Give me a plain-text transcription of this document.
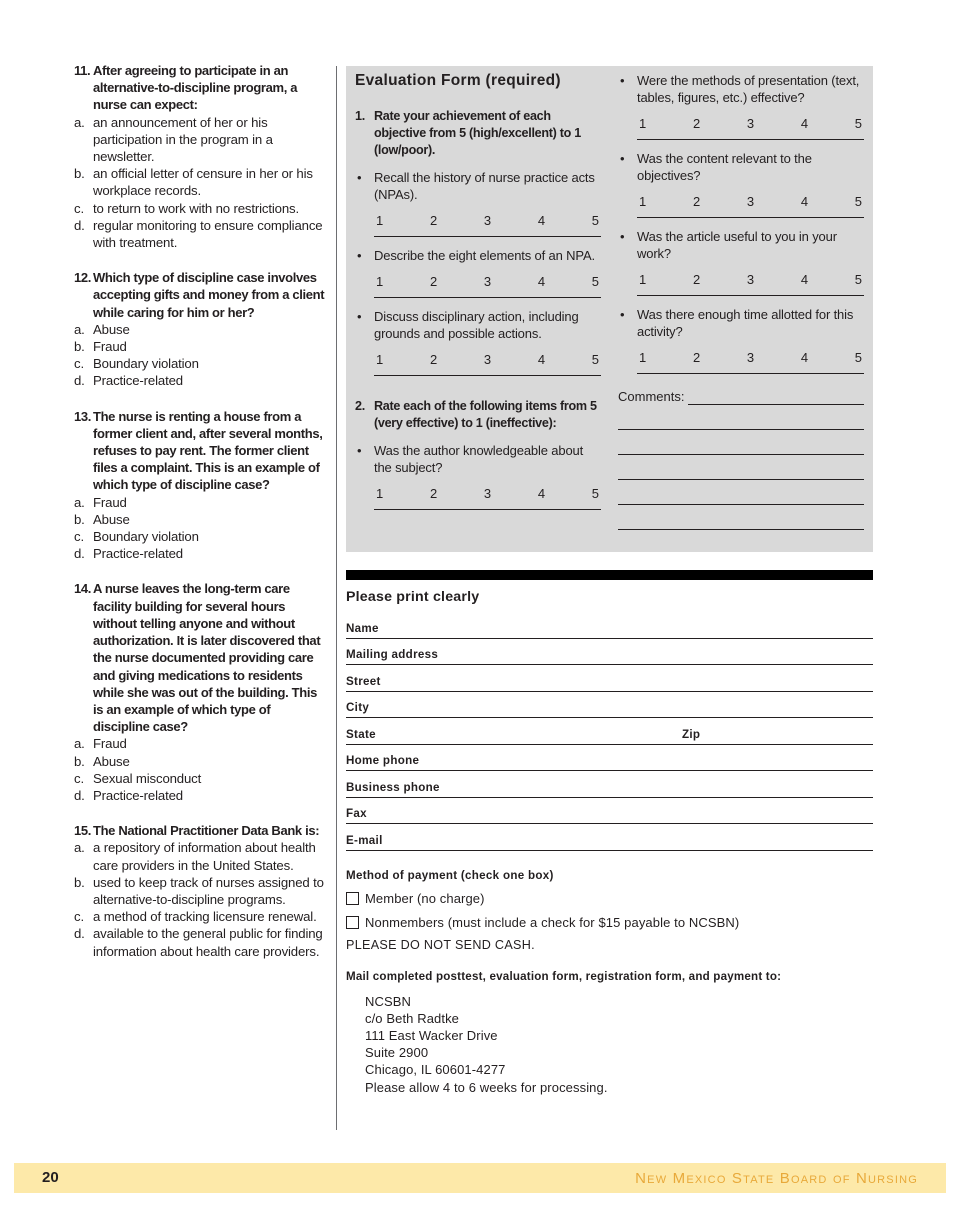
11. After agreeing to participate in an alternative-to-discipline program, a nurse can expect:
a. an announcement of her or his participation in the program in a newsletter.
b. an official letter of censure in her or his workplace records.
c. to return to work with no restrictions.
d. regular monitoring to ensure compliance with treatment.
12. Which type of discipline case involves accepting gifts and money from a client while caring for him or her?
a. Abuse
b. Fraud
c. Boundary violation
d. Practice-related
13. The nurse is renting a house from a former client and, after several months, refuses to pay rent. The former client files a complaint. This is an example of which type of discipline case?
a. Fraud
b. Abuse
c. Boundary violation
d. Practice-related
14. A nurse leaves the long-term care facility building for several hours without telling anyone and without authorization. It is later discovered that the nurse documented providing care and giving medications to residents while she was out of the building. This is an example of which type of discipline case?
a. Fraud
b. Abuse
c. Sexual misconduct
d. Practice-related
15. The National Practitioner Data Bank is:
a. a repository of information about health care providers in the United States.
b. used to keep track of nurses assigned to alternative-to-discipline programs.
c. a method of tracking licensure renewal.
d. available to the general public for finding information about health care providers.
Evaluation Form (required)
1. Rate your achievement of each objective from 5 (high/excellent) to 1 (low/poor).
• Recall the history of nurse practice acts (NPAs).
1	2	3	4	5
• Describe the eight elements of an NPA.
1	2	3	4	5
• Discuss disciplinary action, including grounds and possible actions.
1	2	3	4	5
2. Rate each of the following items from 5 (very effective) to 1 (ineffective):
• Was the author knowledgeable about the subject?
1	2	3	4	5
• Were the methods of presentation (text, tables, figures, etc.) effective?
1	2	3	4	5
• Was the content relevant to the objectives?
1	2	3	4	5
• Was the article useful to you in your work?
1	2	3	4	5
• Was there enough time allotted for this activity?
1	2	3	4	5
Comments:
Please print clearly
Name
Mailing address
Street
City
State	Zip
Home phone
Business phone
Fax
E-mail
Method of payment (check one box)
Member (no charge)
Nonmembers (must include a check for $15 payable to NCSBN)
PLEASE DO NOT SEND CASH.
Mail completed posttest, evaluation form, registration form, and payment to:
NCSBN
c/o Beth Radtke
111 East Wacker Drive
Suite 2900
Chicago, IL 60601-4277
Please allow 4 to 6 weeks for processing.
20	New Mexico State Board of Nursing
